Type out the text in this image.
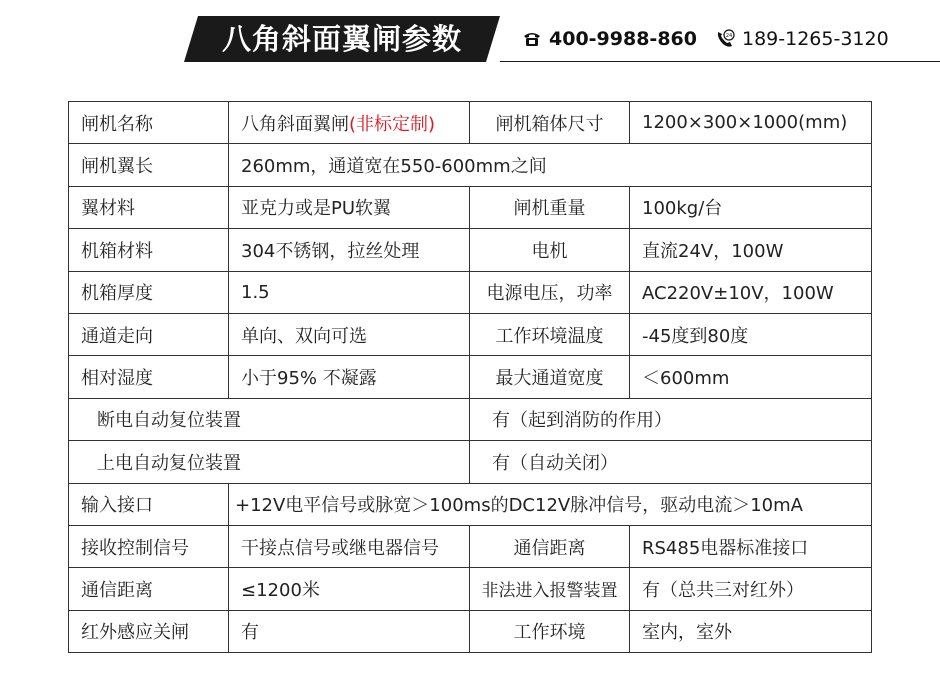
八角斜面翼闸参数	400-9988-860	24 189-1265-3120
闸机名称	八角斜面翼闸(非标定制)	闸机箱体尺寸	1200×300×1000(mm)
闸机翼长	260mm，通道宽在550-600mm之间		
翼材料	亚克力或是PU软翼	闸机重量	100kg/台
机箱材料	304不锈钢，拉丝处理	电机	直流24V，100W
机箱厚度	1.5	电源电压，功率	AC220V±10V，100W
通道走向	单向、双向可选	工作环境温度	-45度到80度
相对湿度	小于95% 不凝露	最大通道宽度	＜600mm
断电自动复位装置		有（起到消防的作用）	
上电自动复位装置		有（自动关闭）	
输入接口	+12V电平信号或脉宽＞100ms的DC12V脉冲信号，驱动电流＞10mA		
接收控制信号	干接点信号或继电器信号	通信距离	RS485电器标准接口
通信距离	≤1200米	非法进入报警装置	有（总共三对红外）
红外感应关闸	有	工作环境	室内，室外
